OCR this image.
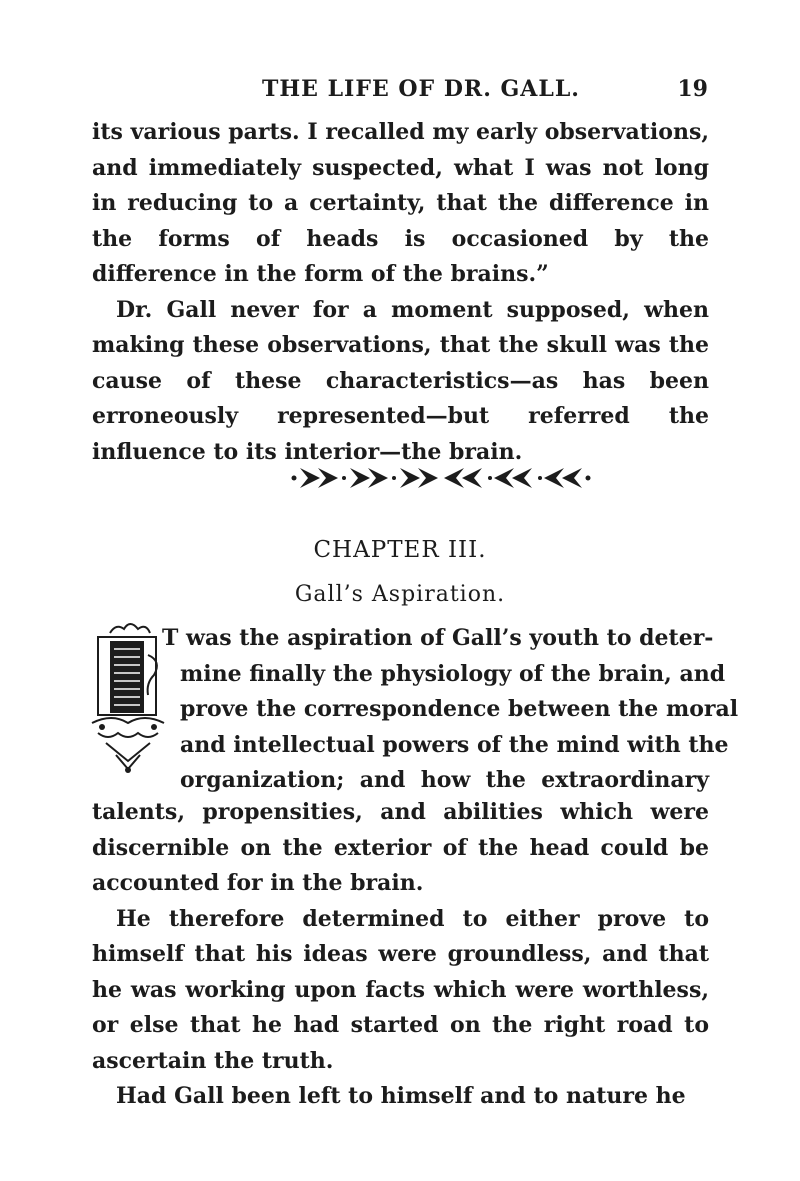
THE LIFE OF DR. GALL.	19

its various parts. I recalled my early observations, and immediately suspected, what I was not long in reducing to a certainty, that the difference in the forms of heads is occasioned by the difference in the form of the brains.”

Dr. Gall never for a moment supposed, when making these observations, that the skull was the cause of these characteristics—as has been erroneously represented—but referred the influence to its interior—the brain.

CHAPTER III.
Gall’s Aspiration.
T was the aspiration of Gall’s youth to deter-
mine finally the physiology of the brain, and
prove the correspondence between the moral
and intellectual powers of the mind with the
organization; and how the extraordinary

talents, propensities, and abilities which were discernible on the exterior of the head could be accounted for in the brain.

He therefore determined to either prove to himself that his ideas were groundless, and that he was working upon facts which were worthless, or else that he had started on the right road to ascertain the truth.

Had Gall been left to himself and to nature he
